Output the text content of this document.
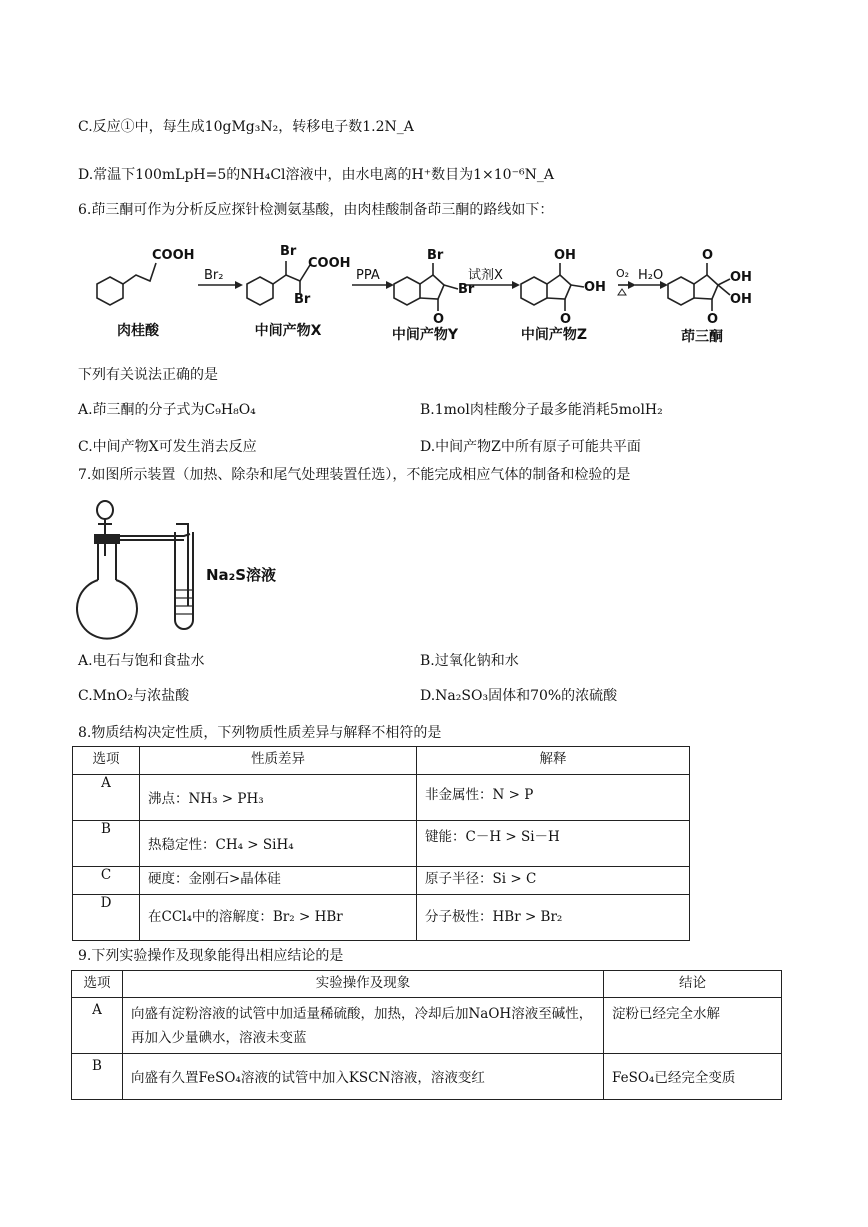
C.反应①中，每生成10gMg₃N₂，转移电子数1.2N_A
D.常温下100mLpH=5的NH₄Cl溶液中，由水电离的H⁺数目为1×10⁻⁶N_A
6.茚三酮可作为分析反应探针检测氨基酸，由肉桂酸制备茚三酮的路线如下：
COOH	Br
COOH
Br
Br
Br
O
OH
OH
O
O
OH
OH
O
Br₂	PPA	试剂X	O₂ H₂O
肉桂酸	中间产物X	中间产物Y	中间产物Z	茚三酮
下列有关说法正确的是
A.茚三酮的分子式为C₉H₈O₄	B.1mol肉桂酸分子最多能消耗5molH₂
C.中间产物X可发生消去反应	D.中间产物Z中所有原子可能共平面
7.如图所示装置（加热、除杂和尾气处理装置任选），不能完成相应气体的制备和检验的是
Na₂S溶液
A.电石与饱和食盐水	B.过氧化钠和水
C.MnO₂与浓盐酸	D.Na₂SO₃固体和70%的浓硫酸
8.物质结构决定性质，下列物质性质差异与解释不相符的是
选项	性质差异	解释
A	沸点：NH₃ > PH₃	非金属性：N > P
B	热稳定性：CH₄ > SiH₄	键能：C－H > Si－H
C	硬度：金刚石>晶体硅	原子半径：Si > C
D	在CCl₄中的溶解度：Br₂ > HBr	分子极性：HBr > Br₂
9.下列实验操作及现象能得出相应结论的是
选项	实验操作及现象	结论
A	向盛有淀粉溶液的试管中加适量稀硫酸，加热，冷却后加NaOH溶液至碱性，再加入少量碘水，溶液未变蓝	淀粉已经完全水解
B	向盛有久置FeSO₄溶液的试管中加入KSCN溶液，溶液变红	FeSO₄已经完全变质
